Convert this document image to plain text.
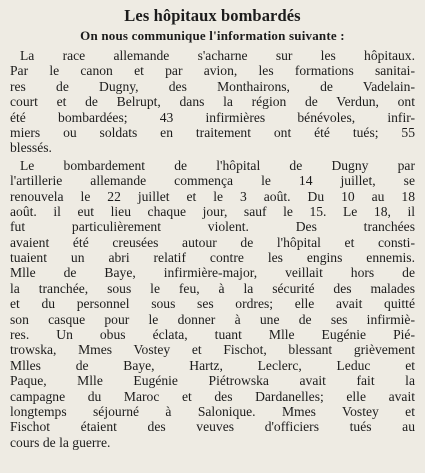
Les hôpitaux bombardés
On nous communique l'information suivante :
La race allemande s'acharne sur les hôpitaux.
Par le canon et par avion, les formations sanitai-
res de Dugny, des Monthairons, de Vadelain-
court et de Belrupt, dans la région de Verdun, ont
été bombardées; 43 infirmières bénévoles, infir-
miers ou soldats en traitement ont été tués; 55
blessés.
Le bombardement de l'hôpital de Dugny par
l'artillerie allemande commença le 14 juillet, se
renouvela le 22 juillet et le 3 août. Du 10 au 18
août. il eut lieu chaque jour, sauf le 15. Le 18, il
fut particulièrement violent. Des tranchées
avaient été creusées autour de l'hôpital et consti-
tuaient un abri relatif contre les engins ennemis.
Mlle de Baye, infirmière-major, veillait hors de
la tranchée, sous le feu, à la sécurité des malades
et du personnel sous ses ordres; elle avait quitté
son casque pour le donner à une de ses infirmiè-
res. Un obus éclata, tuant Mlle Eugénie Pié-
trowska, Mmes Vostey et Fischot, blessant grièvement
Mlles de Baye, Hartz, Leclerc, Leduc et
Paque, Mlle Eugénie Piétrowska avait fait la
campagne du Maroc et des Dardanelles; elle avait
longtemps séjourné à Salonique. Mmes Vostey et
Fischot étaient des veuves d'officiers tués au
cours de la guerre.
